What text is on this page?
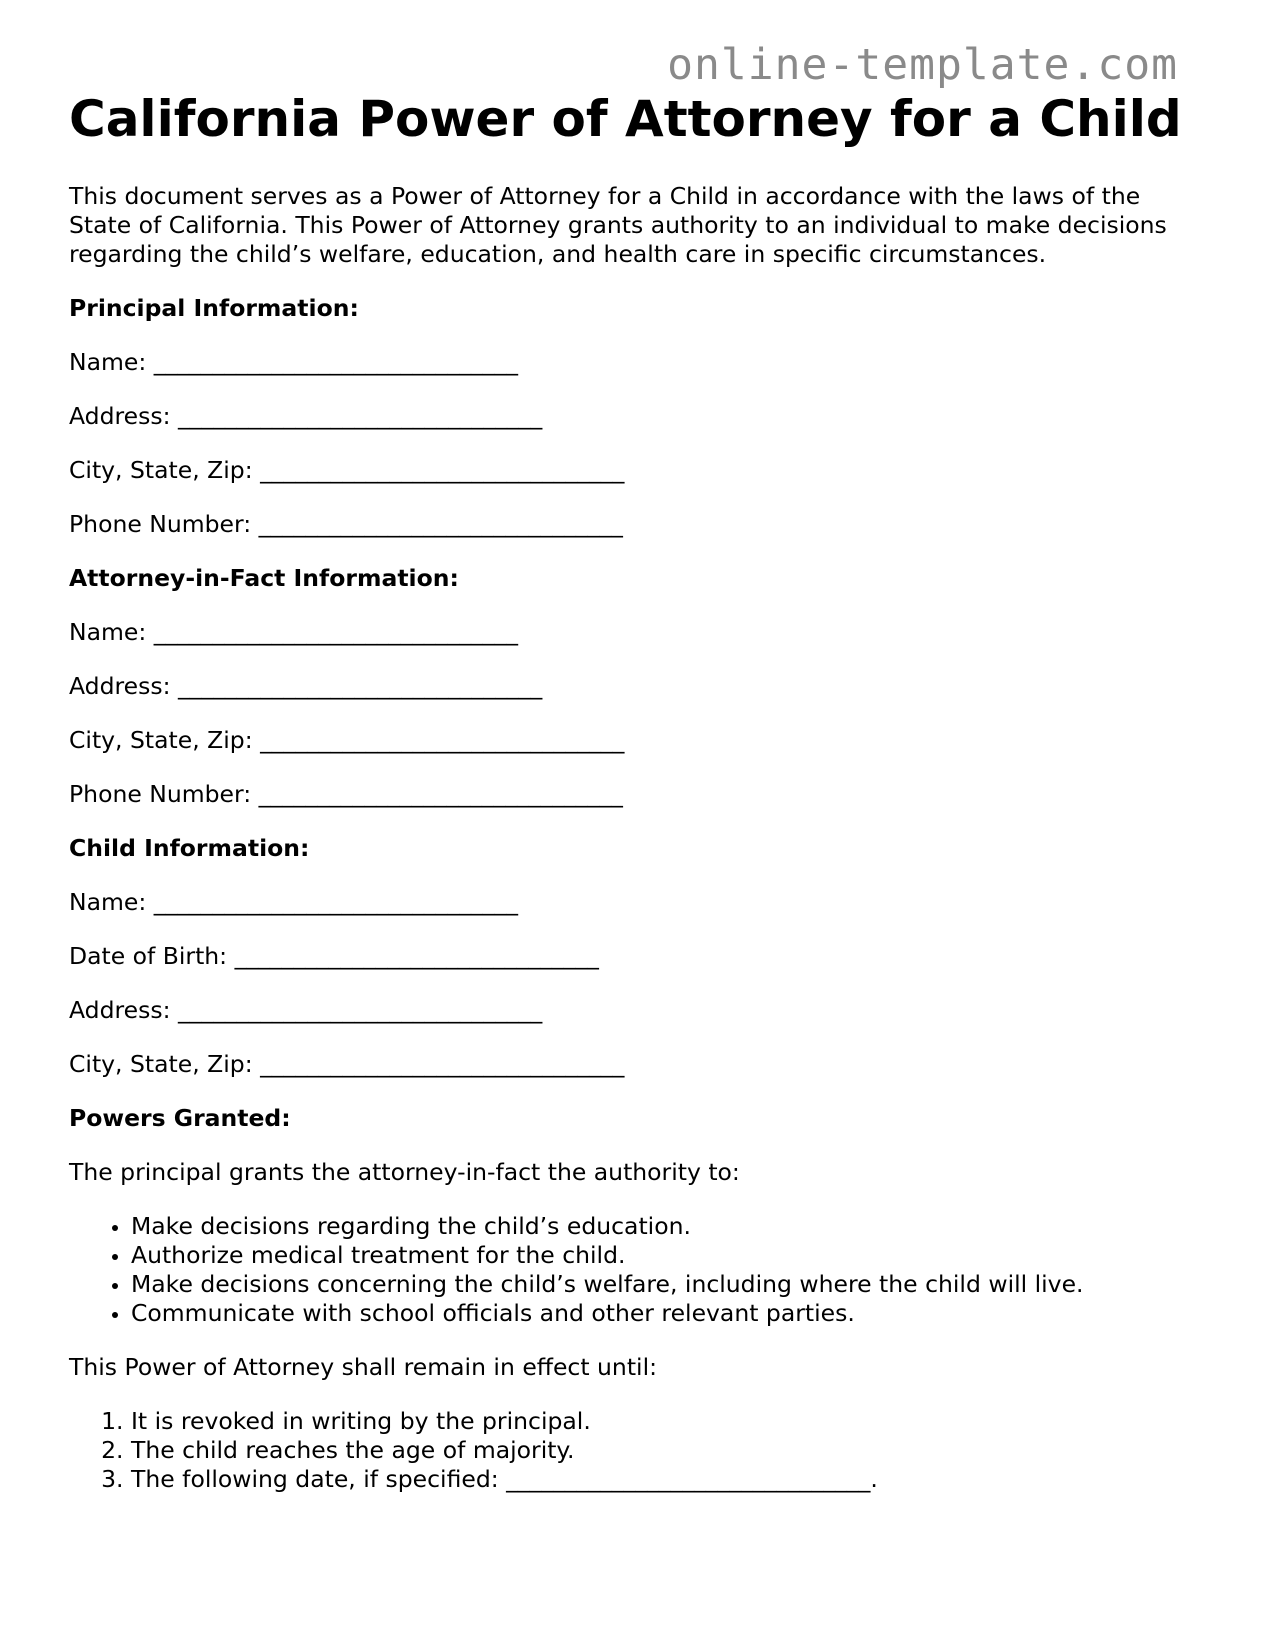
online-template.com
California Power of Attorney for a Child

This document serves as a Power of Attorney for a Child in accordance with the laws of the State of California. This Power of Attorney grants authority to an individual to make decisions regarding the child’s welfare, education, and health care in specific circumstances.

Principal Information:

Name: _______________________________

Address: _______________________________

City, State, Zip: _______________________________

Phone Number: _______________________________

Attorney-in-Fact Information:

Name: _______________________________

Address: _______________________________

City, State, Zip: _______________________________

Phone Number: _______________________________

Child Information:

Name: _______________________________

Date of Birth: _______________________________

Address: _______________________________

City, State, Zip: _______________________________

Powers Granted:

The principal grants the attorney-in-fact the authority to:

• Make decisions regarding the child’s education.
• Authorize medical treatment for the child.
• Make decisions concerning the child’s welfare, including where the child will live.
• Communicate with school officials and other relevant parties.

This Power of Attorney shall remain in effect until:

1. It is revoked in writing by the principal.
2. The child reaches the age of majority.
3. The following date, if specified: _______________________________.
